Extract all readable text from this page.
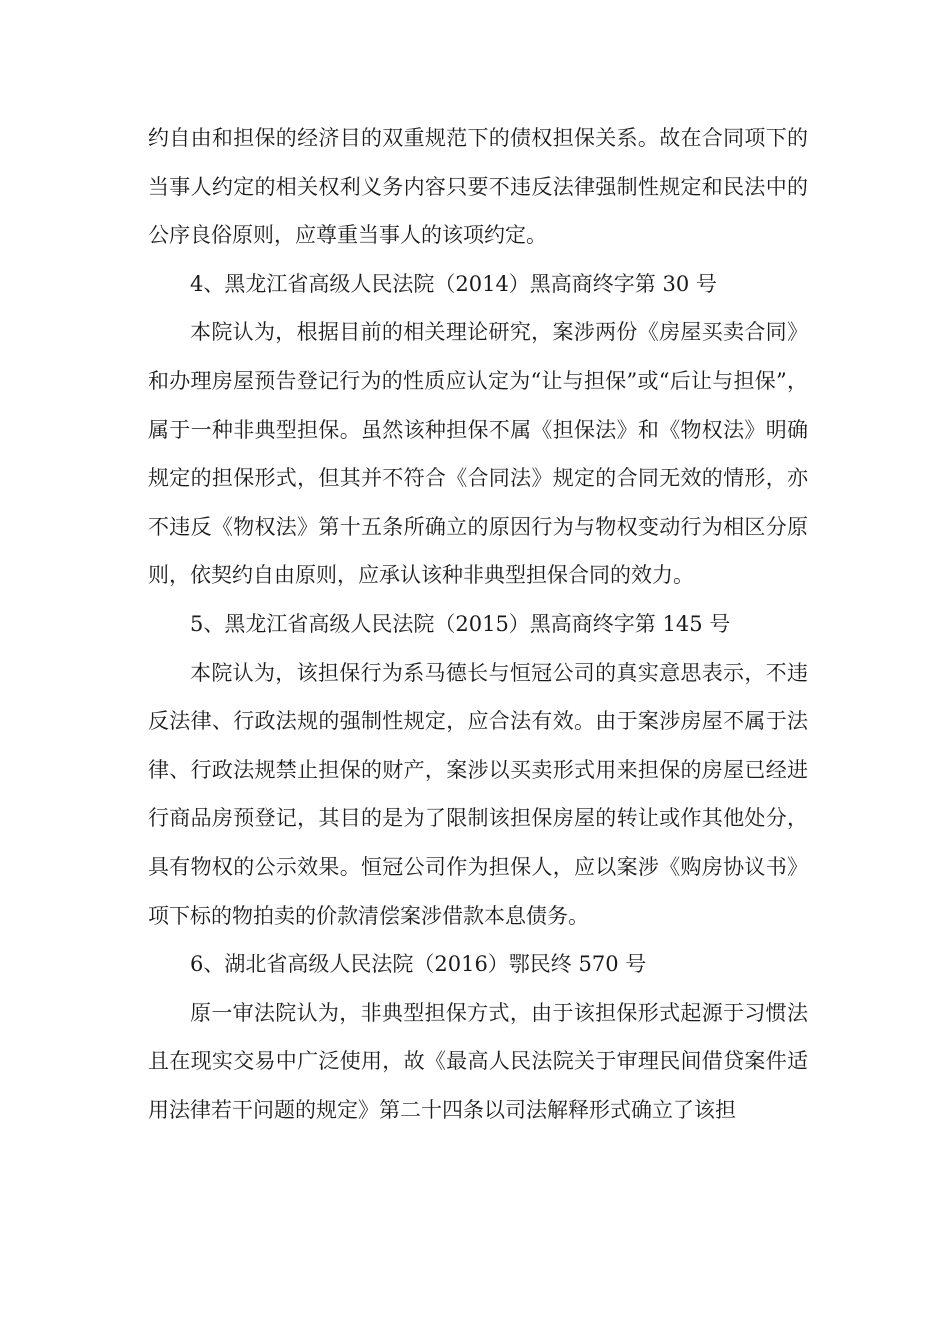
约自由和担保的经济目的双重规范下的债权担保关系。故在合同项下的当事人约定的相关权利义务内容只要不违反法律强制性规定和民法中的公序良俗原则，应尊重当事人的该项约定。

4、黑龙江省高级人民法院（2014）黑高商终字第 30 号

本院认为，根据目前的相关理论研究，案涉两份《房屋买卖合同》和办理房屋预告登记行为的性质应认定为“让与担保”或“后让与担保”，属于一种非典型担保。虽然该种担保不属《担保法》和《物权法》明确规定的担保形式，但其并不符合《合同法》规定的合同无效的情形，亦不违反《物权法》第十五条所确立的原因行为与物权变动行为相区分原则，依契约自由原则，应承认该种非典型担保合同的效力。

5、黑龙江省高级人民法院（2015）黑高商终字第 145 号

本院认为，该担保行为系马德长与恒冠公司的真实意思表示，不违反法律、行政法规的强制性规定，应合法有效。由于案涉房屋不属于法律、行政法规禁止担保的财产，案涉以买卖形式用来担保的房屋已经进行商品房预登记，其目的是为了限制该担保房屋的转让或作其他处分，具有物权的公示效果。恒冠公司作为担保人，应以案涉《购房协议书》项下标的物拍卖的价款清偿案涉借款本息债务。

6、湖北省高级人民法院（2016）鄂民终 570 号

原一审法院认为，非典型担保方式，由于该担保形式起源于习惯法且在现实交易中广泛使用，故《最高人民法院关于审理民间借贷案件适用法律若干问题的规定》第二十四条以司法解释形式确立了该担
